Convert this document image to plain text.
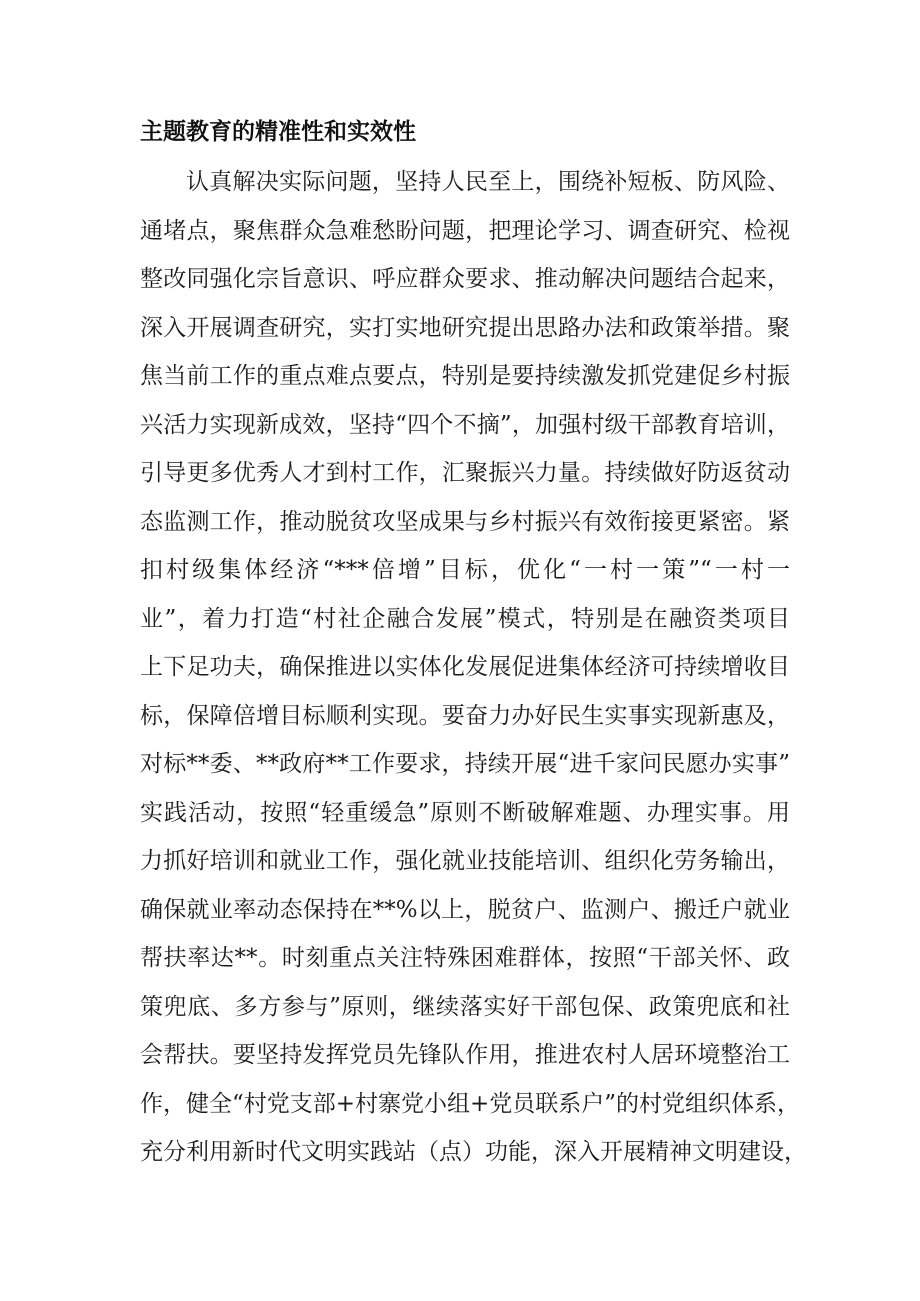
主题教育的精准性和实效性
认真解决实际问题，坚持人民至上，围绕补短板、防风险、
通堵点，聚焦群众急难愁盼问题，把理论学习、调查研究、检视
整改同强化宗旨意识、呼应群众要求、推动解决问题结合起来，
深入开展调查研究，实打实地研究提出思路办法和政策举措。聚
焦当前工作的重点难点要点，特别是要持续激发抓党建促乡村振
兴活力实现新成效，坚持“四个不摘”，加强村级干部教育培训，
引导更多优秀人才到村工作，汇聚振兴力量。持续做好防返贫动
态监测工作，推动脱贫攻坚成果与乡村振兴有效衔接更紧密。紧
扣村级集体经济“***倍增”目标，优化“一村一策”“一村一
业”，着力打造“村社企融合发展”模式，特别是在融资类项目
上下足功夫，确保推进以实体化发展促进集体经济可持续增收目
标，保障倍增目标顺利实现。要奋力办好民生实事实现新惠及，
对标**委、**政府**工作要求，持续开展“进千家问民愿办实事”
实践活动，按照“轻重缓急”原则不断破解难题、办理实事。用
力抓好培训和就业工作，强化就业技能培训、组织化劳务输出，
确保就业率动态保持在**%以上，脱贫户、监测户、搬迁户就业
帮扶率达**。时刻重点关注特殊困难群体，按照“干部关怀、政
策兜底、多方参与”原则，继续落实好干部包保、政策兜底和社
会帮扶。要坚持发挥党员先锋队作用，推进农村人居环境整治工
作，健全“村党支部+村寨党小组+党员联系户”的村党组织体系，
充分利用新时代文明实践站（点）功能，深入开展精神文明建设，
